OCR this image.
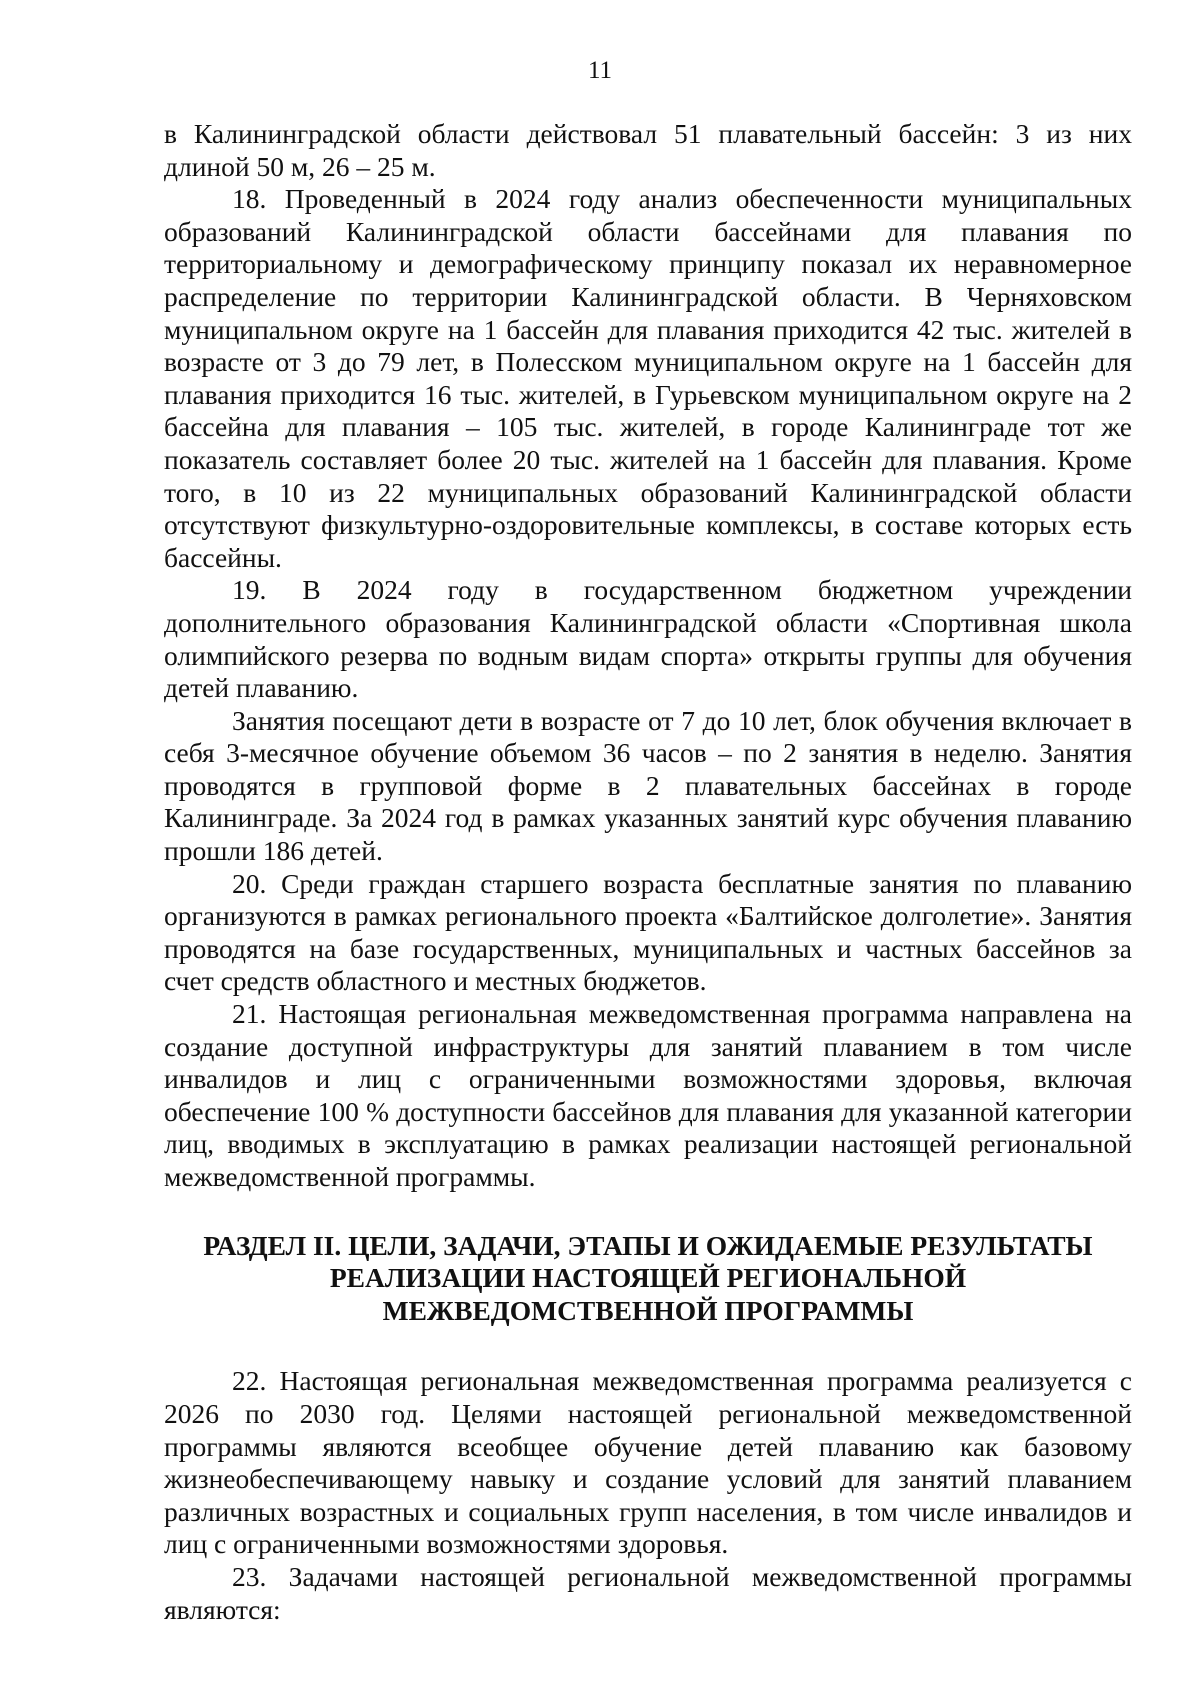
11

в Калининградской области действовал 51 плавательный бассейн: 3 из них длиной 50 м, 26 – 25 м.

18. Проведенный в 2024 году анализ обеспеченности муниципальных образований Калининградской области бассейнами для плавания по территориальному и демографическому принципу показал их неравномерное распределение по территории Калининградской области. В Черняховском муниципальном округе на 1 бассейн для плавания приходится 42 тыс. жителей в возрасте от 3 до 79 лет, в Полесском муниципальном округе на 1 бассейн для плавания приходится 16 тыс. жителей, в Гурьевском муниципальном округе на 2 бассейна для плавания – 105 тыс. жителей, в городе Калининграде тот же показатель составляет более 20 тыс. жителей на 1 бассейн для плавания. Кроме того, в 10 из 22 муниципальных образований Калининградской области отсутствуют физкультурно-оздоровительные комплексы, в составе которых есть бассейны.

19. В 2024 году в государственном бюджетном учреждении дополнительного образования Калининградской области «Спортивная школа олимпийского резерва по водным видам спорта» открыты группы для обучения детей плаванию.

Занятия посещают дети в возрасте от 7 до 10 лет, блок обучения включает в себя 3-месячное обучение объемом 36 часов – по 2 занятия в неделю. Занятия проводятся в групповой форме в 2 плавательных бассейнах в городе Калининграде. За 2024 год в рамках указанных занятий курс обучения плаванию прошли 186 детей.

20. Среди граждан старшего возраста бесплатные занятия по плаванию организуются в рамках регионального проекта «Балтийское долголетие». Занятия проводятся на базе государственных, муниципальных и частных бассейнов за счет средств областного и местных бюджетов.

21. Настоящая региональная межведомственная программа направлена на создание доступной инфраструктуры для занятий плаванием в том числе инвалидов и лиц с ограниченными возможностями здоровья, включая обеспечение 100 % доступности бассейнов для плавания для указанной категории лиц, вводимых в эксплуатацию в рамках реализации настоящей региональной межведомственной программы.

РАЗДЕЛ II. ЦЕЛИ, ЗАДАЧИ, ЭТАПЫ И ОЖИДАЕМЫЕ РЕЗУЛЬТАТЫ
РЕАЛИЗАЦИИ НАСТОЯЩЕЙ РЕГИОНАЛЬНОЙ
МЕЖВЕДОМСТВЕННОЙ ПРОГРАММЫ

22. Настоящая региональная межведомственная программа реализуется с 2026 по 2030 год. Целями настоящей региональной межведомственной программы являются всеобщее обучение детей плаванию как базовому жизнеобеспечивающему навыку и создание условий для занятий плаванием различных возрастных и социальных групп населения, в том числе инвалидов и лиц с ограниченными возможностями здоровья.

23. Задачами настоящей региональной межведомственной программы являются:
